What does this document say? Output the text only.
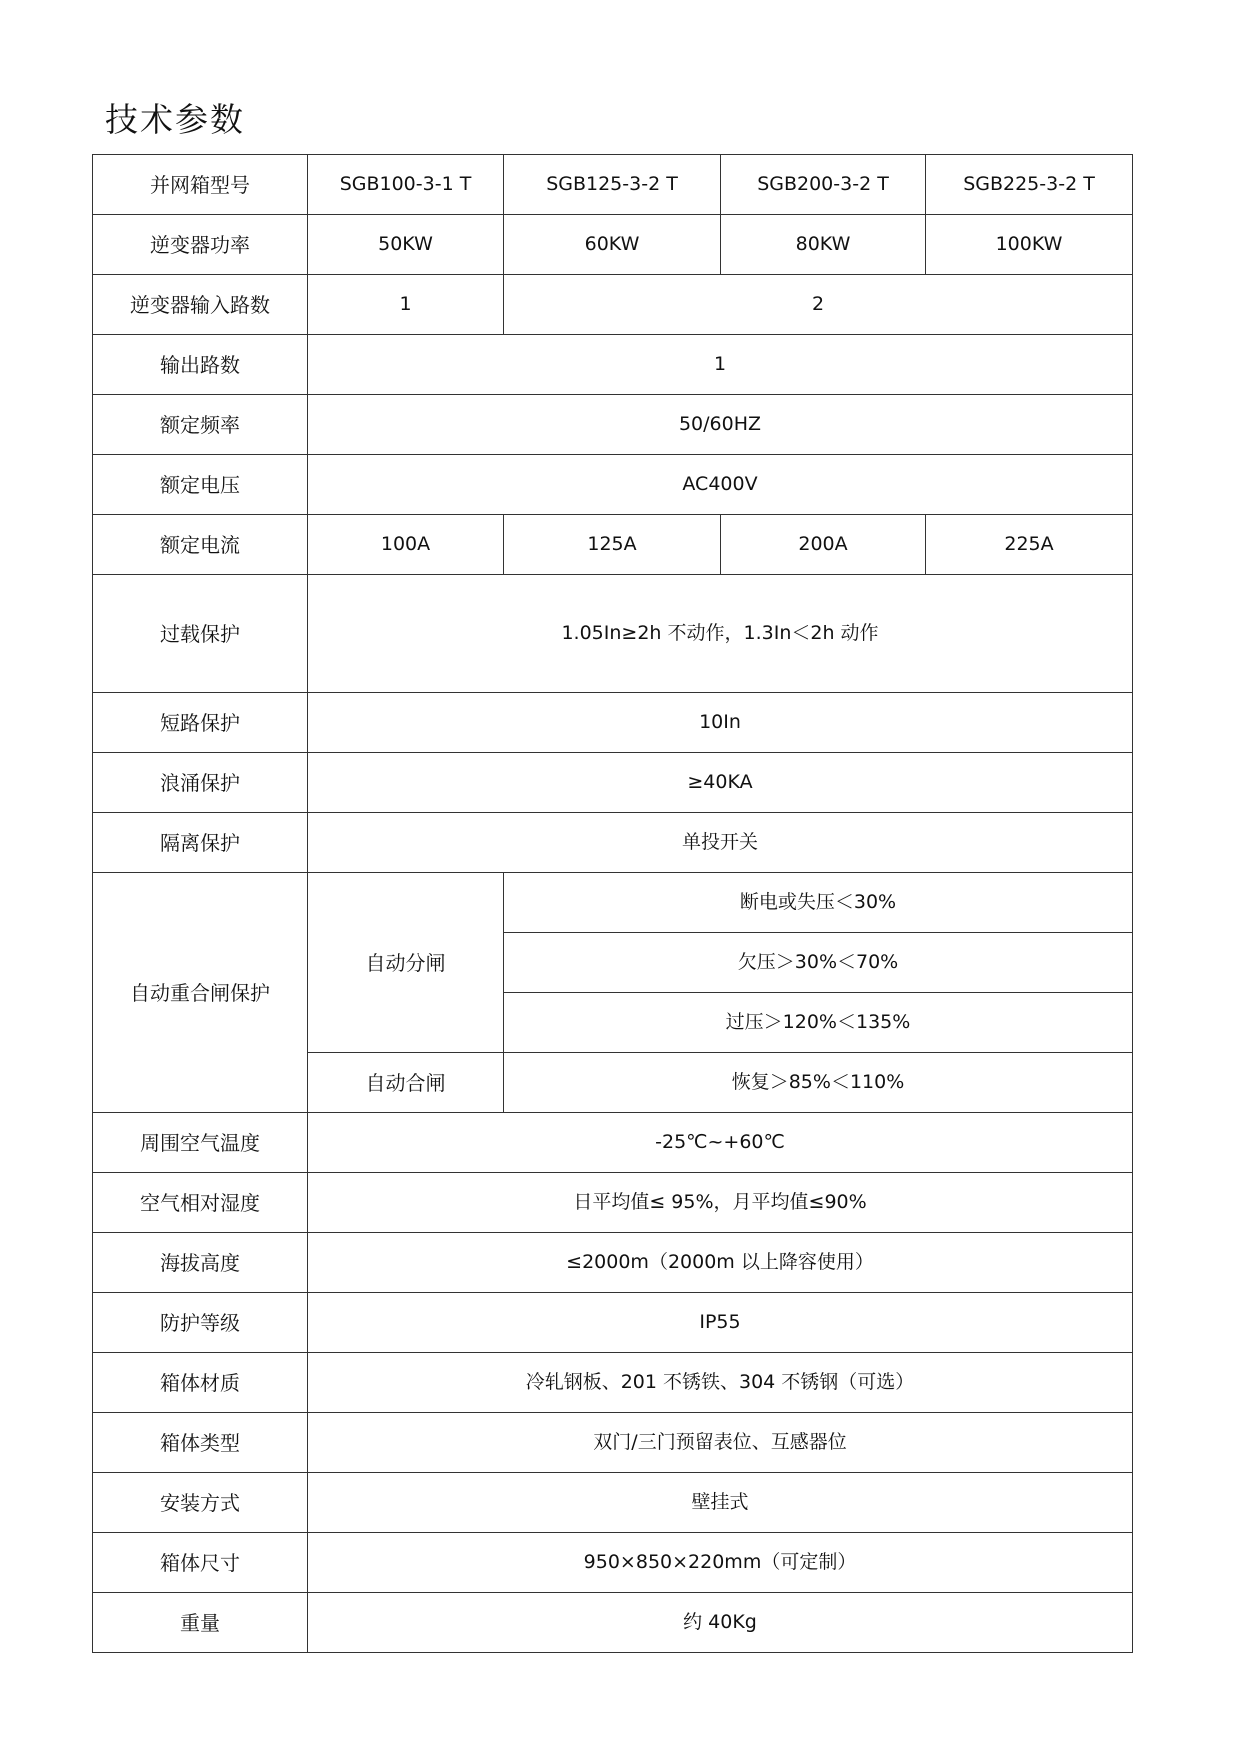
技术参数
并网箱型号	SGB100-3-1 T	SGB125-3-2 T	SGB200-3-2 T	SGB225-3-2 T
逆变器功率	50KW	60KW	80KW	100KW
逆变器输入路数	1	2		
输出路数	1			
额定频率	50/60HZ			
额定电压	AC400V			
额定电流	100A	125A	200A	225A
过载保护	1.05In≥2h 不动作，1.3In＜2h 动作			
短路保护	10In			
浪涌保护	≥40KA			
隔离保护	单投开关			
自动重合闸保护	自动分闸	断电或失压＜30%		
		欠压＞30%＜70%		
		过压＞120%＜135%		
	自动合闸	恢复＞85%＜110%		
周围空气温度	-25℃~+60℃			
空气相对湿度	日平均值≤ 95%，月平均值≤90%			
海拔高度	≤2000m（2000m 以上降容使用）			
防护等级	IP55			
箱体材质	冷轧钢板、201 不锈铁、304 不锈钢（可选）			
箱体类型	双门/三门预留表位、互感器位			
安装方式	壁挂式			
箱体尺寸	950×850×220mm（可定制）			
重量	约 40Kg			
